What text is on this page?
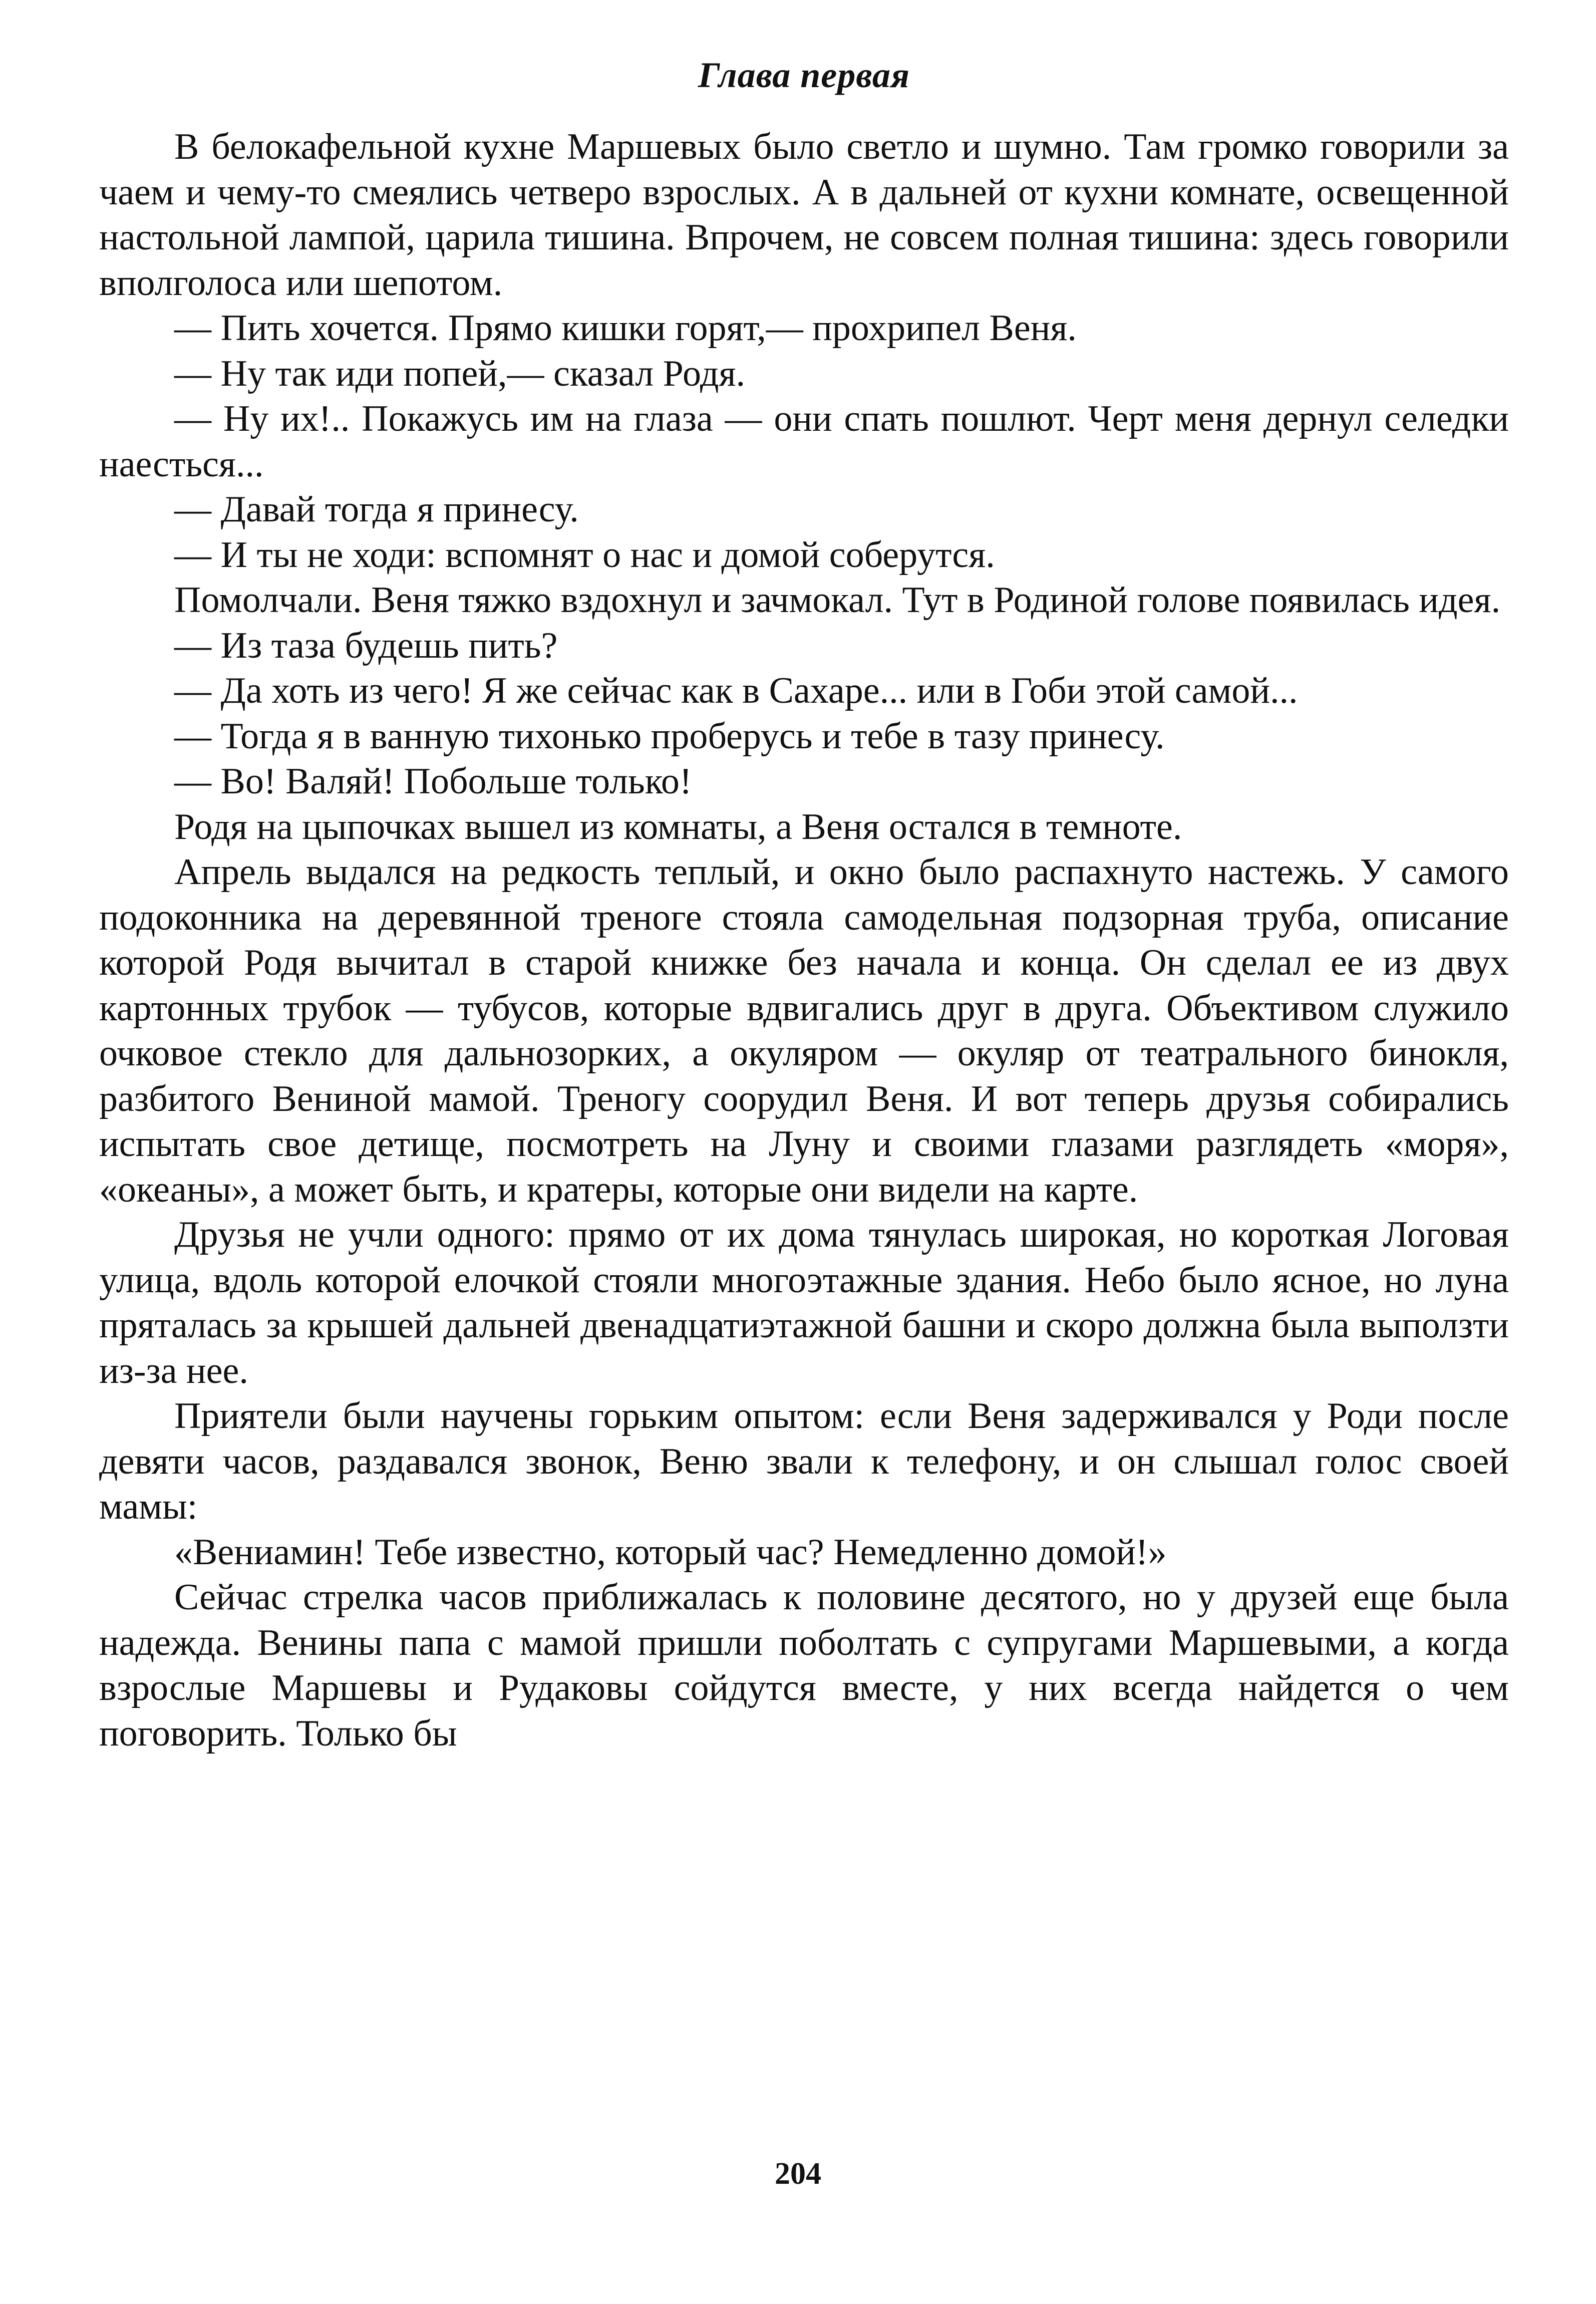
Глава первая

В белокафельной кухне Маршевых было светло и шумно. Там громко говорили за чаем и чему-то смеялись четверо взрослых. А в дальней от кухни комнате, освещенной настольной лампой, царила тишина. Впрочем, не совсем полная тишина: здесь говорили вполголоса или шепотом.

— Пить хочется. Прямо кишки горят,— прохрипел Веня.

— Ну так иди попей,— сказал Родя.

— Ну их!.. Покажусь им на глаза — они спать пошлют. Черт меня дернул селедки наесться...

— Давай тогда я принесу.

— И ты не ходи: вспомнят о нас и домой соберутся.

Помолчали. Веня тяжко вздохнул и зачмокал. Тут в Родиной голове появилась идея.

— Из таза будешь пить?

— Да хоть из чего! Я же сейчас как в Сахаре... или в Гоби этой самой...

— Тогда я в ванную тихонько проберусь и тебе в тазу принесу.

— Во! Валяй! Побольше только!

Родя на цыпочках вышел из комнаты, а Веня остался в темноте.

Апрель выдался на редкость теплый, и окно было распахнуто настежь. У самого подоконника на деревянной треноге стояла самодельная подзорная труба, описание которой Родя вычитал в старой книжке без начала и конца. Он сделал ее из двух картонных трубок — тубусов, которые вдвигались друг в друга. Объективом служило очковое стекло для дальнозорких, а окуляром — окуляр от театрального бинокля, разбитого Вениной мамой. Треногу соорудил Веня. И вот теперь друзья собирались испытать свое детище, посмотреть на Луну и своими глазами разглядеть «моря», «океаны», а может быть, и кратеры, которые они видели на карте.

Друзья не учли одного: прямо от их дома тянулась широкая, но короткая Логовая улица, вдоль которой елочкой стояли многоэтажные здания. Небо было ясное, но луна пряталась за крышей дальней двенадцатиэтажной башни и скоро должна была выползти из-за нее.

Приятели были научены горьким опытом: если Веня задерживался у Роди после девяти часов, раздавался звонок, Веню звали к телефону, и он слышал голос своей мамы:

«Вениамин! Тебе известно, который час? Немедленно домой!»

Сейчас стрелка часов приближалась к половине десятого, но у друзей еще была надежда. Венины папа с мамой пришли поболтать с супругами Маршевыми, а когда взрослые Маршевы и Рудаковы сойдутся вместе, у них всегда найдется о чем поговорить. Только бы

204
